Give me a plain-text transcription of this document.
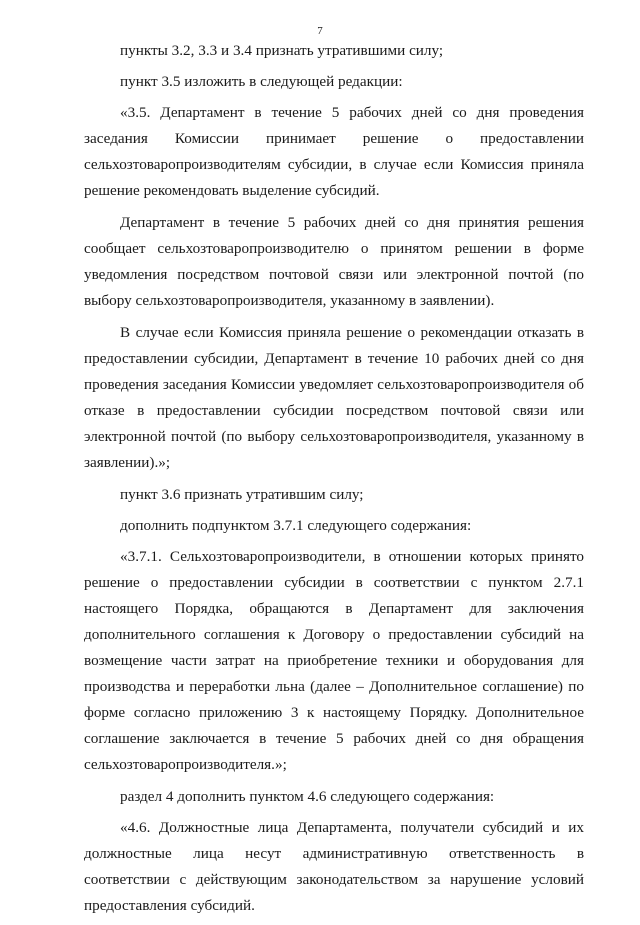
7

пункты 3.2, 3.3 и 3.4 признать утратившими силу;

пункт 3.5 изложить в следующей редакции:

«3.5. Департамент в течение 5 рабочих дней со дня проведения заседания Комиссии принимает решение о предоставлении сельхозтоваропроизводителям субсидии, в случае если Комиссия приняла решение рекомендовать выделение субсидий.

Департамент в течение 5 рабочих дней со дня принятия решения сообщает сельхозтоваропроизводителю о принятом решении в форме уведомления посредством почтовой связи или электронной почтой (по выбору сельхозтоваропроизводителя, указанному в заявлении).

В случае если Комиссия приняла решение о рекомендации отказать в предоставлении субсидии, Департамент в течение 10 рабочих дней со дня проведения заседания Комиссии уведомляет сельхозтоваропроизводителя об отказе в предоставлении субсидии посредством почтовой связи или электронной почтой (по выбору сельхозтоваропроизводителя, указанному в заявлении).»;

пункт 3.6 признать утратившим силу;

дополнить подпунктом 3.7.1 следующего содержания:

«3.7.1. Сельхозтоваропроизводители, в отношении которых принято решение о предоставлении субсидии в соответствии с пунктом 2.7.1 настоящего Порядка, обращаются в Департамент для заключения дополнительного соглашения к Договору о предоставлении субсидий на возмещение части затрат на приобретение техники и оборудования для производства и переработки льна (далее – Дополнительное соглашение) по форме согласно приложению 3 к настоящему Порядку. Дополнительное соглашение заключается в течение 5 рабочих дней со дня обращения сельхозтоваропроизводителя.»;

раздел 4 дополнить пунктом 4.6 следующего содержания:

«4.6. Должностные лица Департамента, получатели субсидий и их должностные лица несут административную ответственность в соответствии с действующим законодательством за нарушение условий предоставления субсидий.
